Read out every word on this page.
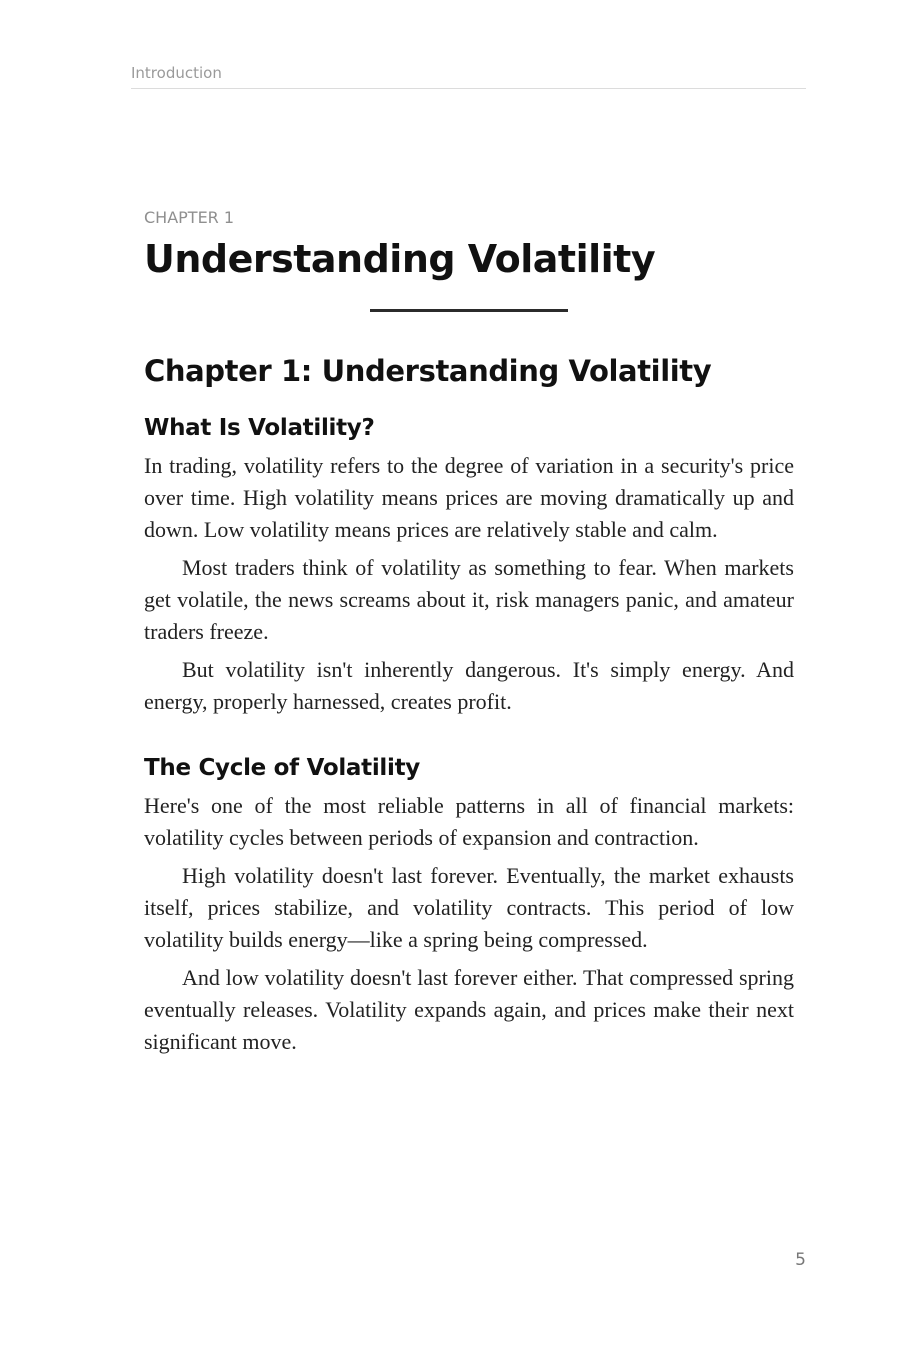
Introduction
CHAPTER 1
Understanding Volatility
Chapter 1: Understanding Volatility
What Is Volatility?

In trading, volatility refers to the degree of variation in a security's price over time. High volatility means prices are moving dramatically up and down. Low volatility means prices are relatively stable and calm.

Most traders think of volatility as something to fear. When markets get volatile, the news screams about it, risk managers panic, and amateur traders freeze.

But volatility isn't inherently dangerous. It's simply energy. And energy, properly harnessed, creates profit.

The Cycle of Volatility

Here's one of the most reliable patterns in all of financial markets: volatility cycles between periods of expansion and contraction.

High volatility doesn't last forever. Eventually, the market exhausts itself, prices stabilize, and volatility contracts. This period of low volatility builds energy—like a spring being compressed.

And low volatility doesn't last forever either. That compressed spring eventually releases. Volatility expands again, and prices make their next significant move.

5
